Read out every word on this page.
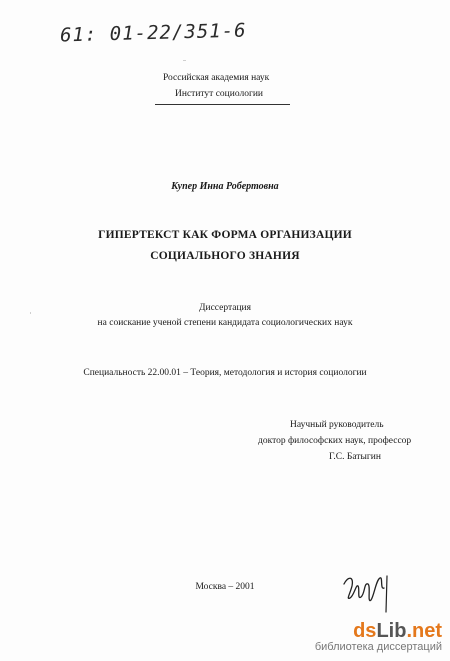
61: 01-22/351-6
Российская академия наук
Институт социологии
Купер Инна Робертовна
ГИПЕРТЕКСТ КАК ФОРМА ОРГАНИЗАЦИИ
СОЦИАЛЬНОГО ЗНАНИЯ
Диссертация
на соискание ученой степени кандидата социологических наук
Специальность 22.00.01 – Теория, методология и история социологии
Научный руководитель
доктор философских наук, профессор
Г.С. Батыгин
Москва – 2001
dsLib.net
библиотека диссертаций
